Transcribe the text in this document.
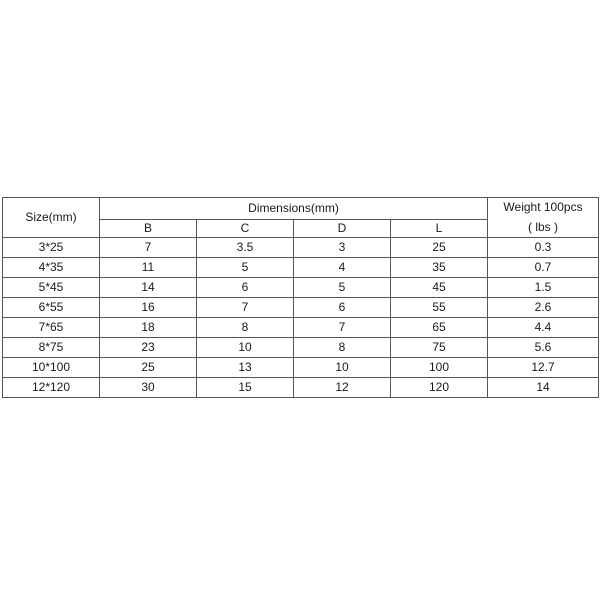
Size(mm)	Dimensions(mm)				Weight 100pcs
( lbs )

	B	C	D	L	
3*25	7	3.5	3	25	0.3
4*35	11	5	4	35	0.7
5*45	14	6	5	45	1.5
6*55	16	7	6	55	2.6
7*65	18	8	7	65	4.4
8*75	23	10	8	75	5.6
10*100	25	13	10	100	12.7
12*120	30	15	12	120	14
